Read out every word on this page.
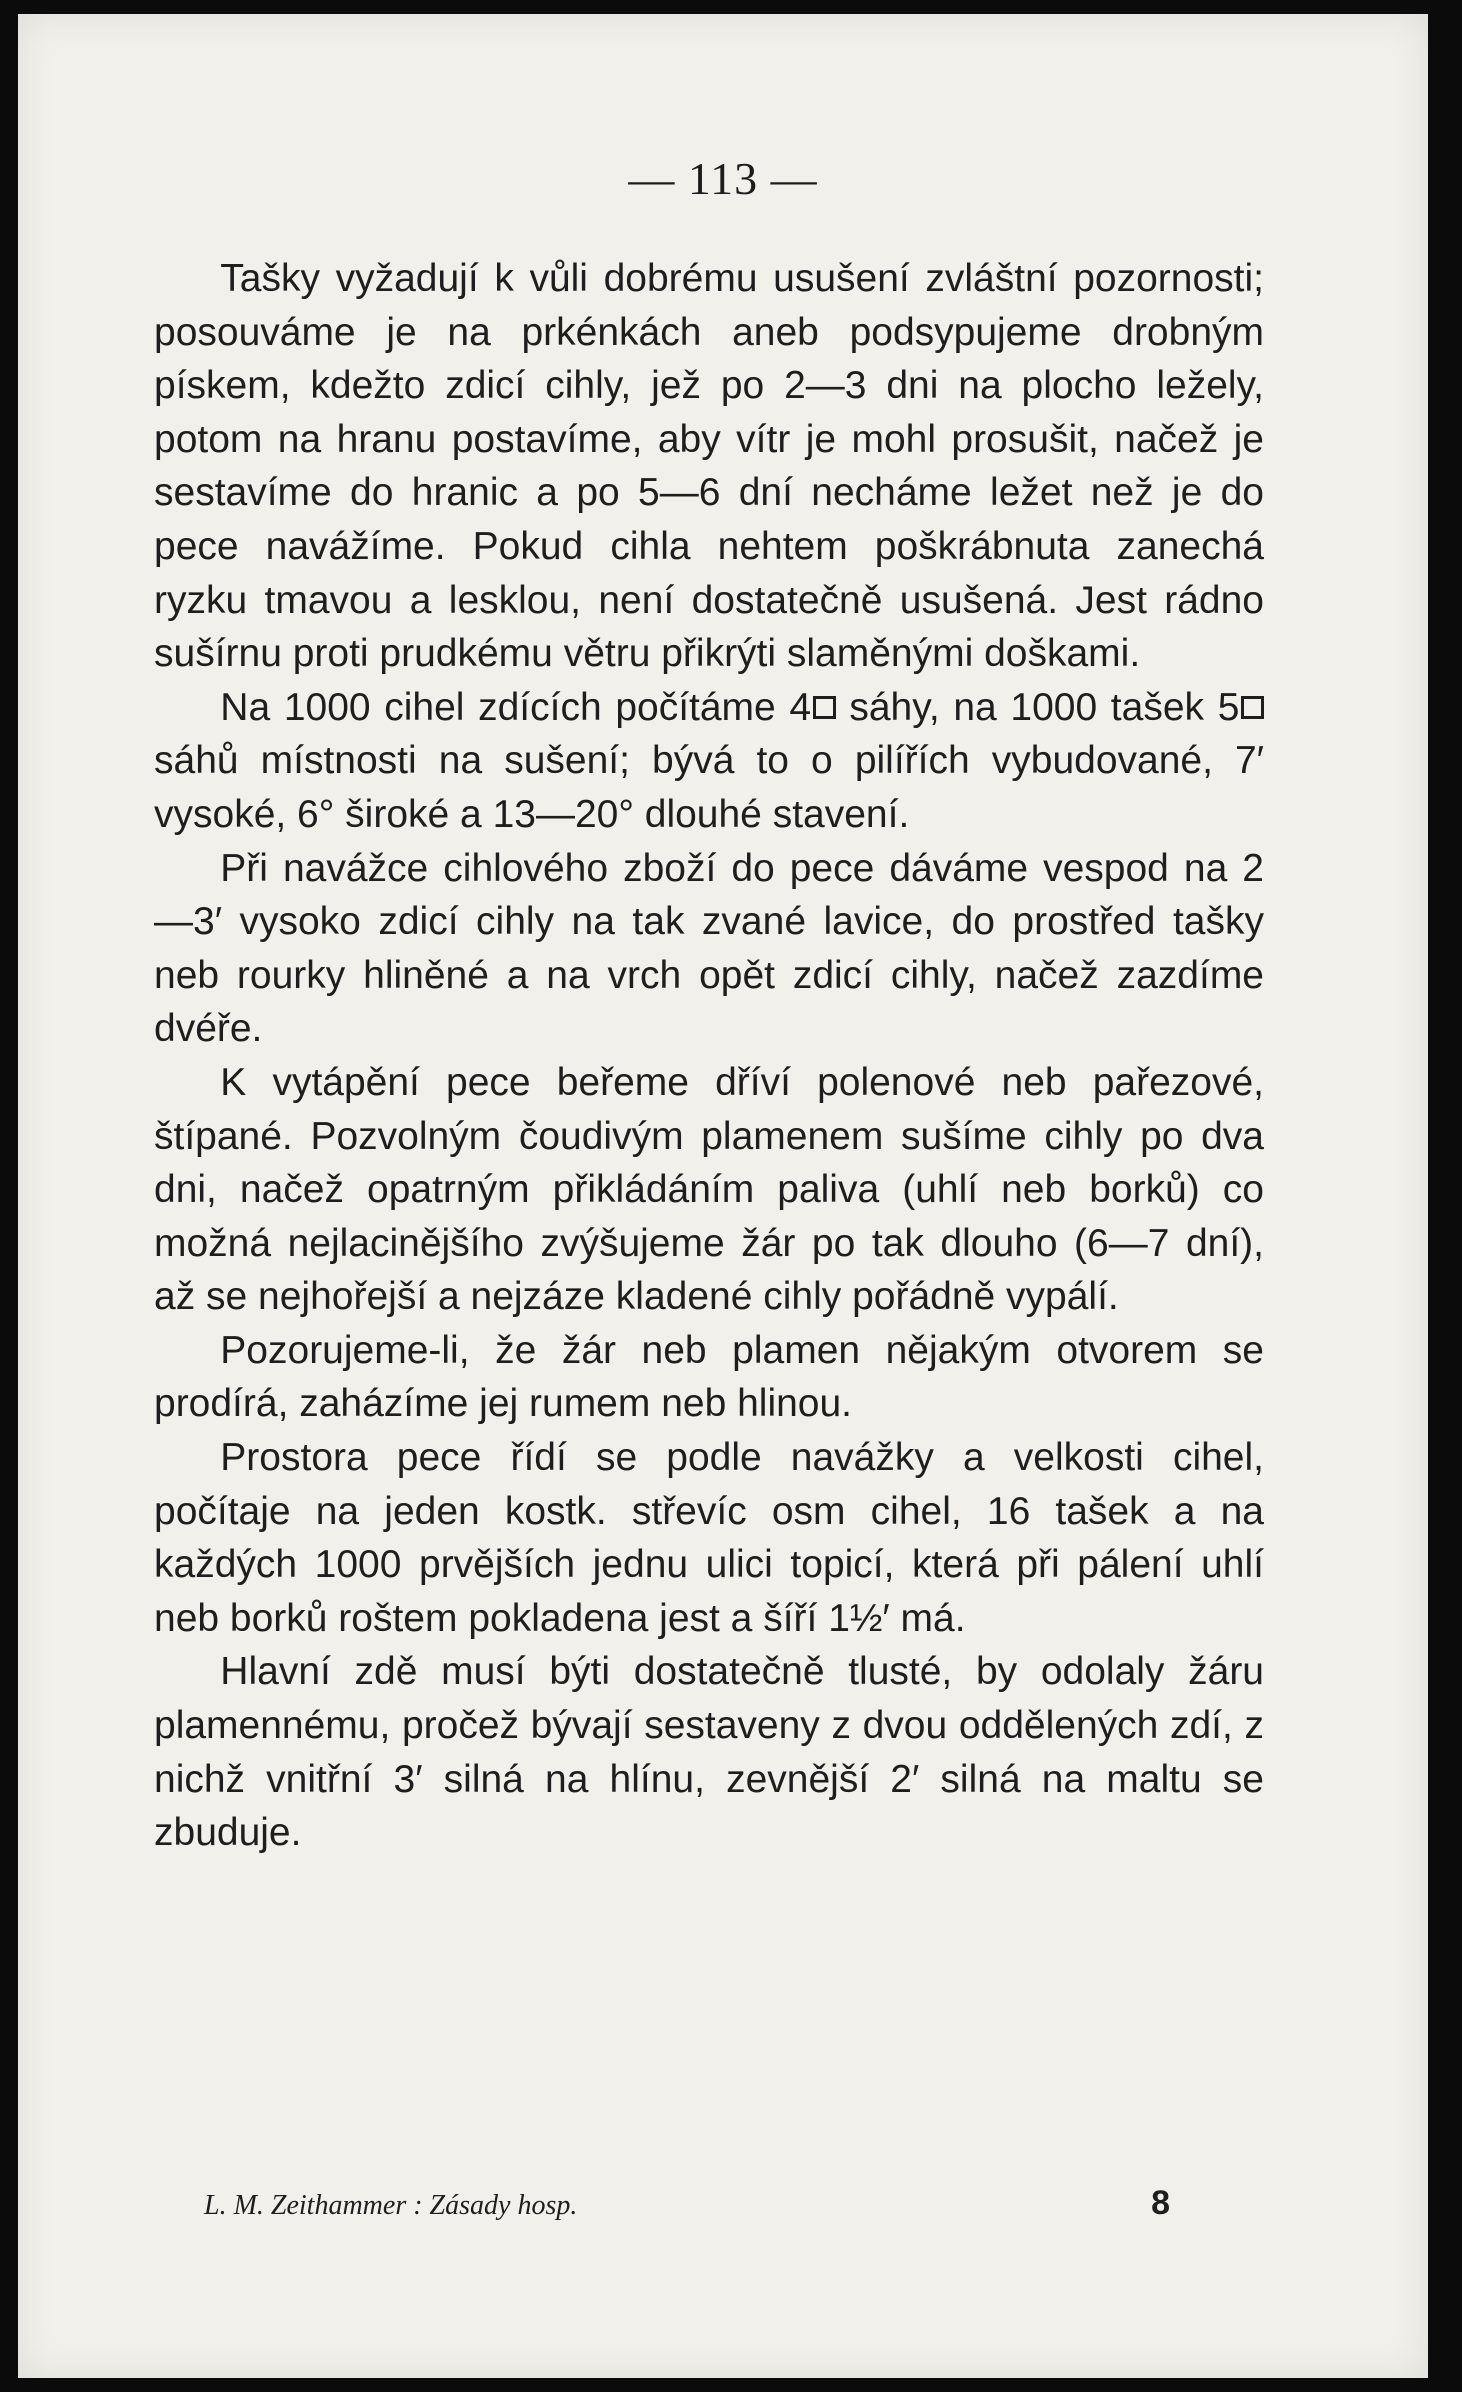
— 113 —

Tašky vyžadují k vůli dobrému usušení zvláštní pozornosti; posouváme je na prkénkách aneb podsypujeme drobným pískem, kdežto zdicí cihly, jež po 2—3 dni na plocho ležely, potom na hranu postavíme, aby vítr je mohl prosušit, načež je sestavíme do hranic a po 5—6 dní necháme ležet než je do pece navážíme. Pokud cihla nehtem poškrábnuta zanechá ryzku tmavou a lesklou, není dostatečně usušená. Jest rádno sušírnu proti prudkému větru přikrýti slaměnými doškami.

Na 1000 cihel zdících počítáme 4 sáhy, na 1000 tašek 5 sáhů místnosti na sušení; bývá to o pilířích vybudované, 7′ vysoké, 6° široké a 13—20° dlouhé stavení.

Při navážce cihlového zboží do pece dáváme vespod na 2—3′ vysoko zdicí cihly na tak zvané lavice, do prostřed tašky neb rourky hliněné a na vrch opět zdicí cihly, načež zazdíme dvéře.

K vytápění pece beřeme dříví polenové neb pařezové, štípané. Pozvolným čoudivým plamenem sušíme cihly po dva dni, načež opatrným přikládáním paliva (uhlí neb borků) co možná nejlacinějšího zvýšujeme žár po tak dlouho (6—7 dní), až se nejhořejší a nejzáze kladené cihly pořádně vypálí.

Pozorujeme-li, že žár neb plamen nějakým otvorem se prodírá, zaházíme jej rumem neb hlinou.

Prostora pece řídí se podle navážky a velkosti cihel, počítaje na jeden kostk. střevíc osm cihel, 16 tašek a na každých 1000 prvějších jednu ulici topicí, která při pálení uhlí neb borků roštem pokladena jest a šíří 1½′ má.

Hlavní zdě musí býti dostatečně tlusté, by odolaly žáru plamennému, pročež bývají sestaveny z dvou oddělených zdí, z nichž vnitřní 3′ silná na hlínu, zevnější 2′ silná na maltu se zbuduje.

L. M. Zeithammer : Zásady hosp.	8
